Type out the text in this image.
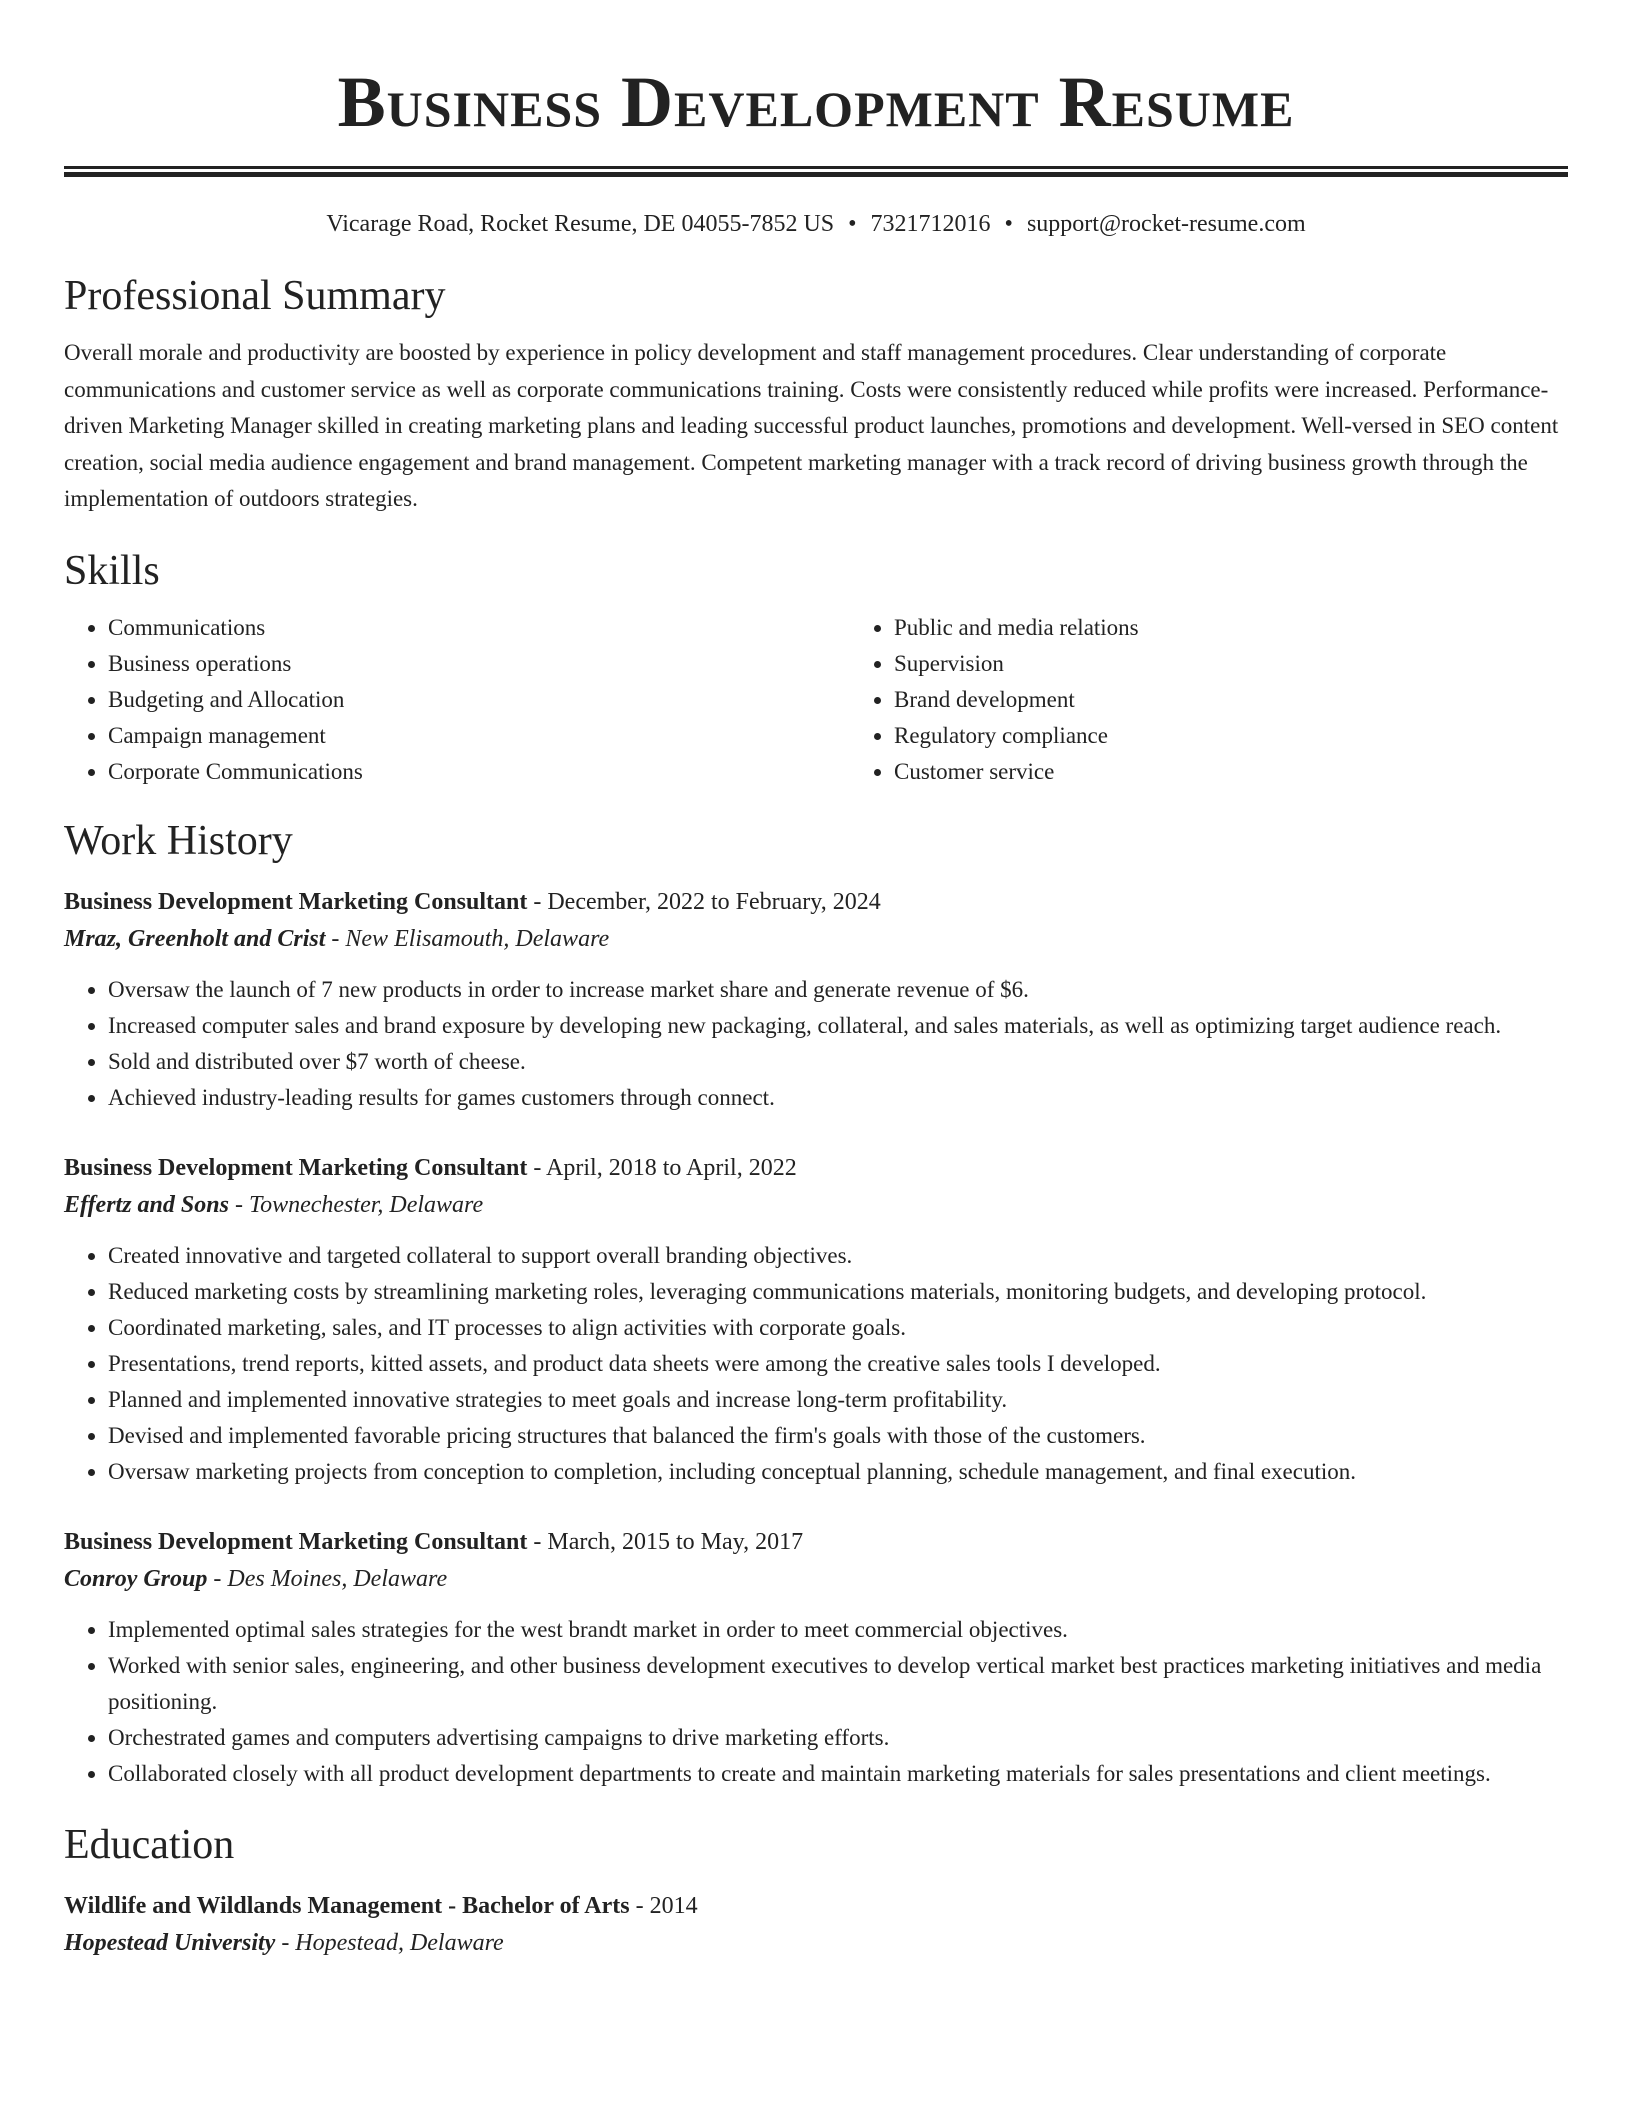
Business Development Resume
Vicarage Road, Rocket Resume, DE 04055-7852 US • 7321712016 • support@rocket-resume.com
Professional Summary

Overall morale and productivity are boosted by experience in policy development and staff management procedures. Clear understanding of corporate communications and customer service as well as corporate communications training. Costs were consistently reduced while profits were increased. Performance-driven Marketing Manager skilled in creating marketing plans and leading successful product launches, promotions and development. Well-versed in SEO content creation, social media audience engagement and brand management. Competent marketing manager with a track record of driving business growth through the implementation of outdoors strategies.

Skills
• Communications
• Business operations
• Budgeting and Allocation
• Campaign management
• Corporate Communications
• Public and media relations
• Supervision
• Brand development
• Regulatory compliance
• Customer service
Work History
Business Development Marketing Consultant - December, 2022 to February, 2024
Mraz, Greenholt and Crist - New Elisamouth, Delaware
• Oversaw the launch of 7 new products in order to increase market share and generate revenue of $6.
• Increased computer sales and brand exposure by developing new packaging, collateral, and sales materials, as well as optimizing target audience reach.
• Sold and distributed over $7 worth of cheese.
• Achieved industry-leading results for games customers through connect.
Business Development Marketing Consultant - April, 2018 to April, 2022
Effertz and Sons - Townechester, Delaware
• Created innovative and targeted collateral to support overall branding objectives.
• Reduced marketing costs by streamlining marketing roles, leveraging communications materials, monitoring budgets, and developing protocol.
• Coordinated marketing, sales, and IT processes to align activities with corporate goals.
• Presentations, trend reports, kitted assets, and product data sheets were among the creative sales tools I developed.
• Planned and implemented innovative strategies to meet goals and increase long-term profitability.
• Devised and implemented favorable pricing structures that balanced the firm's goals with those of the customers.
• Oversaw marketing projects from conception to completion, including conceptual planning, schedule management, and final execution.
Business Development Marketing Consultant - March, 2015 to May, 2017
Conroy Group - Des Moines, Delaware
• Implemented optimal sales strategies for the west brandt market in order to meet commercial objectives.
• Worked with senior sales, engineering, and other business development executives to develop vertical market best practices marketing initiatives and media positioning.
• Orchestrated games and computers advertising campaigns to drive marketing efforts.
• Collaborated closely with all product development departments to create and maintain marketing materials for sales presentations and client meetings.
Education
Wildlife and Wildlands Management - Bachelor of Arts - 2014
Hopestead University - Hopestead, Delaware
